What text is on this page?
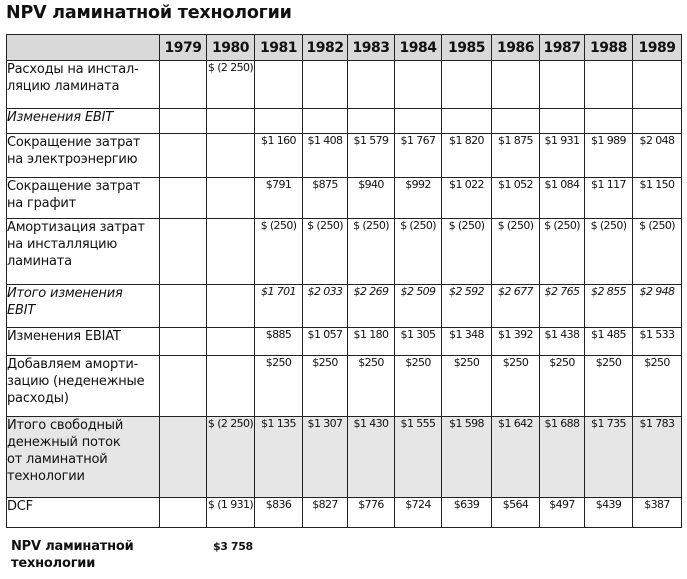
NPV ламинатной технологии
	1979	1980	1981	1982	1983	1984	1985	1986	1987	1988	1989
Расходы на инстал-
ляцию ламината		$ (2 250)									
Изменения EBIT											
Сокращение затрат
на электроэнергию			$1 160	$1 408	$1 579	$1 767	$1 820	$1 875	$1 931	$1 989	$2 048
Сокращение затрат
на графит			$791	$875	$940	$992	$1 022	$1 052	$1 084	$1 117	$1 150
Амортизация затрат
на инсталляцию
ламината			$ (250)	$ (250)	$ (250)	$ (250)	$ (250)	$ (250)	$ (250)	$ (250)	$ (250)
Итого изменения
EBIT			$1 701	$2 033	$2 269	$2 509	$2 592	$2 677	$2 765	$2 855	$2 948
Изменения EBIAT			$885	$1 057	$1 180	$1 305	$1 348	$1 392	$1 438	$1 485	$1 533
Добавляем аморти-
зацию (неденежные
расходы)			$250	$250	$250	$250	$250	$250	$250	$250	$250
Итого свободный
денежный поток
от ламинатной
технологии		$ (2 250)	$1 135	$1 307	$1 430	$1 555	$1 598	$1 642	$1 688	$1 735	$1 783
DCF		$ (1 931)	$836	$827	$776	$724	$639	$564	$497	$439	$387
NPV ламинатной
технологии
$3 758
